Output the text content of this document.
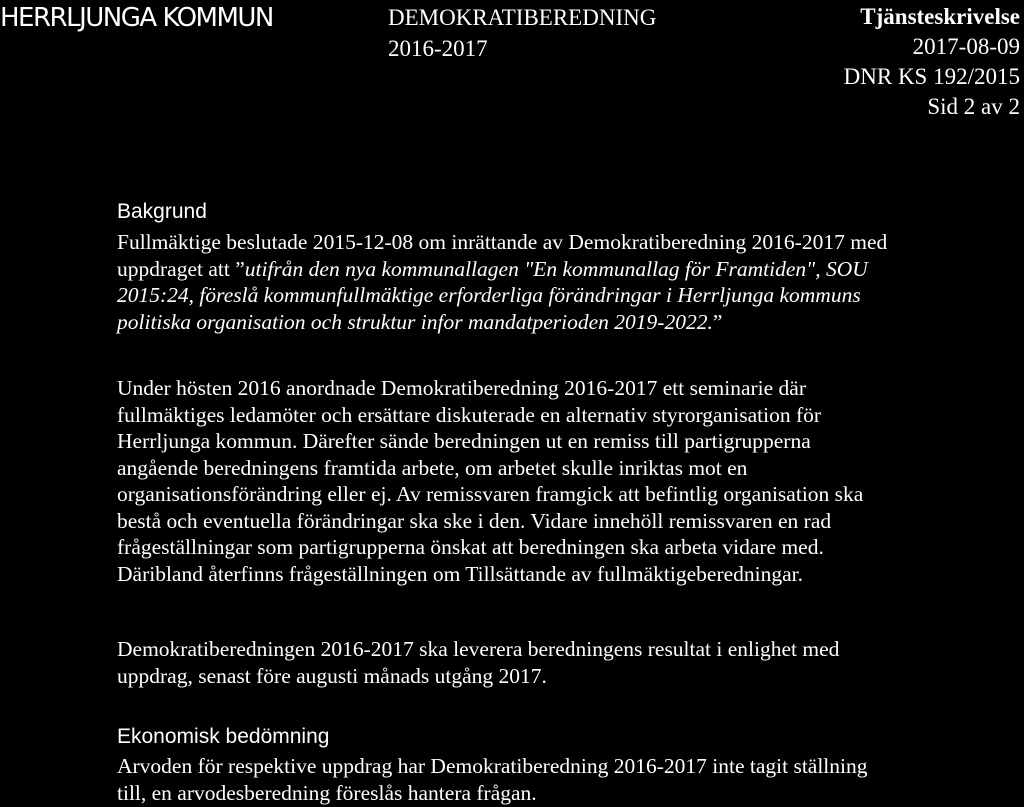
HERRLJUNGA KOMMUN	DEMOKRATIBEREDNING
2016-2017
Tjänsteskrivelse
2017-08-09
DNR KS 192/2015
Sid 2 av 2
Bakgrund
Fullmäktige beslutade 2015-12-08 om inrättande av Demokratiberedning 2016-2017 med
uppdraget att ”utifrån den nya kommunallagen "En kommunallag för Framtiden", SOU
2015:24, föreslå kommunfullmäktige erforderliga förändringar i Herrljunga kommuns
politiska organisation och struktur infor mandatperioden 2019-2022.”
Under hösten 2016 anordnade Demokratiberedning 2016-2017 ett seminarie där
fullmäktiges ledamöter och ersättare diskuterade en alternativ styrorganisation för
Herrljunga kommun. Därefter sände beredningen ut en remiss till partigrupperna
angående beredningens framtida arbete, om arbetet skulle inriktas mot en
organisationsförändring eller ej. Av remissvaren framgick att befintlig organisation ska
bestå och eventuella förändringar ska ske i den. Vidare innehöll remissvaren en rad
frågeställningar som partigrupperna önskat att beredningen ska arbeta vidare med.
Däribland återfinns frågeställningen om Tillsättande av fullmäktigeberedningar.
Demokratiberedningen 2016-2017 ska leverera beredningens resultat i enlighet med
uppdrag, senast före augusti månads utgång 2017.
Ekonomisk bedömning
Arvoden för respektive uppdrag har Demokratiberedning 2016-2017 inte tagit ställning
till, en arvodesberedning föreslås hantera frågan.
